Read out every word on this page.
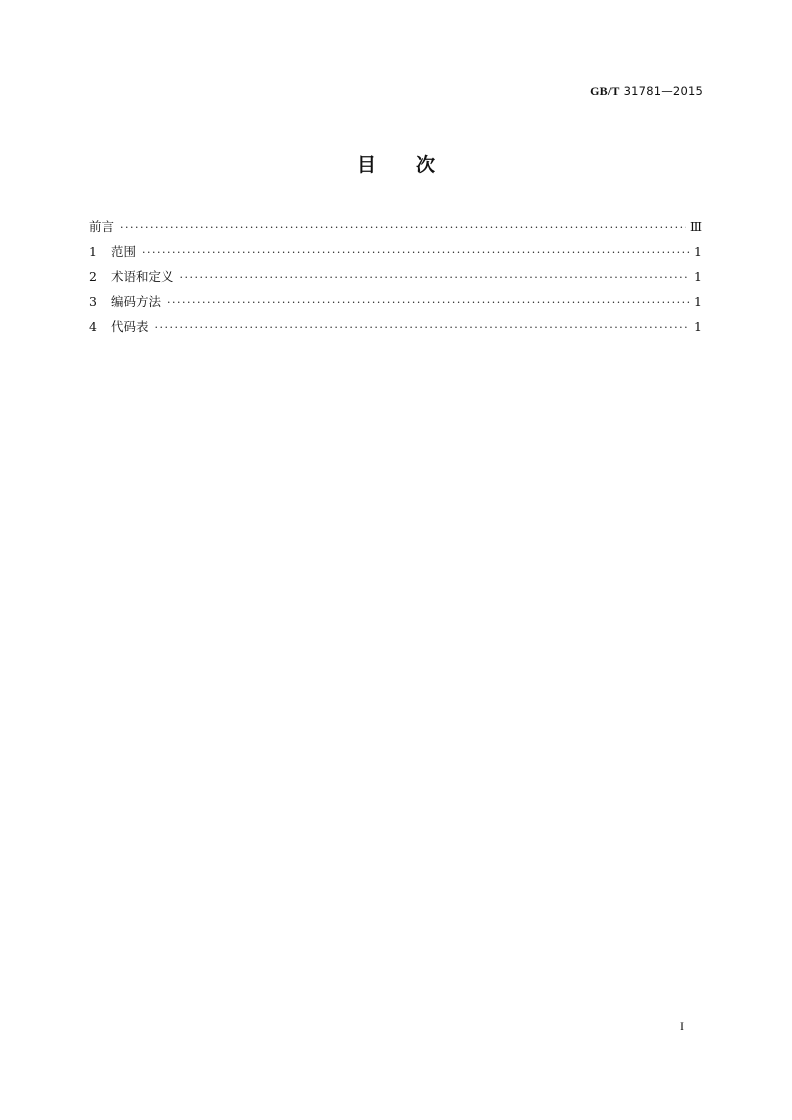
GB/T 31781—2015
目 次
前言 ·····	Ⅲ
1	范围 ·····	1
2	术语和定义 ·····	1
3	编码方法 ·····	1
4	代码表 ·····	1
I
